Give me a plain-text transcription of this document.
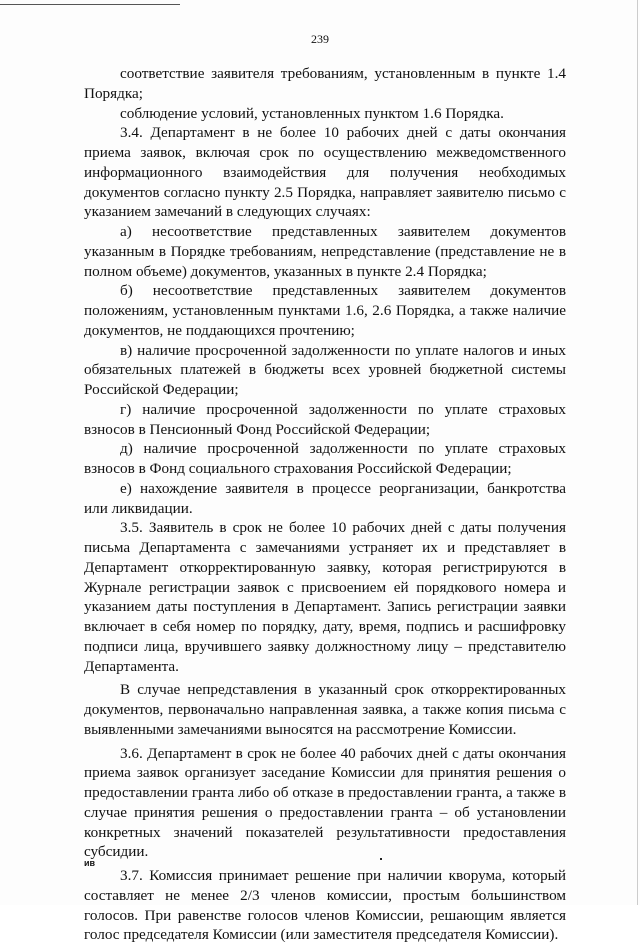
239

соответствие заявителя требованиям, установленным в пункте 1.4 Порядка;

соблюдение условий, установленных пунктом 1.6 Порядка.

3.4. Департамент в не более 10 рабочих дней с даты окончания приема заявок, включая срок по осуществлению межведомственного информационного взаимодействия для получения необходимых документов согласно пункту 2.5 Порядка, направляет заявителю письмо с указанием замечаний в следующих случаях:

а) несоответствие представленных заявителем документов указанным в Порядке требованиям, непредставление (представление не в полном объеме) документов, указанных в пункте 2.4 Порядка;

б) несоответствие представленных заявителем документов положениям, установленным пунктами 1.6, 2.6 Порядка, а также наличие документов, не поддающихся прочтению;

в) наличие просроченной задолженности по уплате налогов и иных обязательных платежей в бюджеты всех уровней бюджетной системы Российской Федерации;

г) наличие просроченной задолженности по уплате страховых взносов в Пенсионный Фонд Российской Федерации;

д) наличие просроченной задолженности по уплате страховых взносов в Фонд социального страхования Российской Федерации;

е) нахождение заявителя в процессе реорганизации, банкротства или ликвидации.

3.5. Заявитель в срок не более 10 рабочих дней с даты получения письма Департамента с замечаниями устраняет их и представляет в Департамент откорректированную заявку, которая регистрируются в Журнале регистрации заявок с присвоением ей порядкового номера и указанием даты поступления в Департамент. Запись регистрации заявки включает в себя номер по порядку, дату, время, подпись и расшифровку подписи лица, вручившего заявку должностному лицу – представителю Департамента.

В случае непредставления в указанный срок откорректированных документов, первоначально направленная заявка, а также копия письма с выявленными замечаниями выносятся на рассмотрение Комиссии.

3.6. Департамент в срок не более 40 рабочих дней с даты окончания приема заявок организует заседание Комиссии для принятия решения о предоставлении гранта либо об отказе в предоставлении гранта, а также в случае принятия решения о предоставлении гранта – об установлении конкретных значений показателей результативности предоставления субсидии.

3.7. Комиссия принимает решение при наличии кворума, который составляет не менее 2/3 членов комиссии, простым большинством голосов. При равенстве голосов членов Комиссии, решающим является голос председателя Комиссии (или заместителя председателя Комиссии).

ив
